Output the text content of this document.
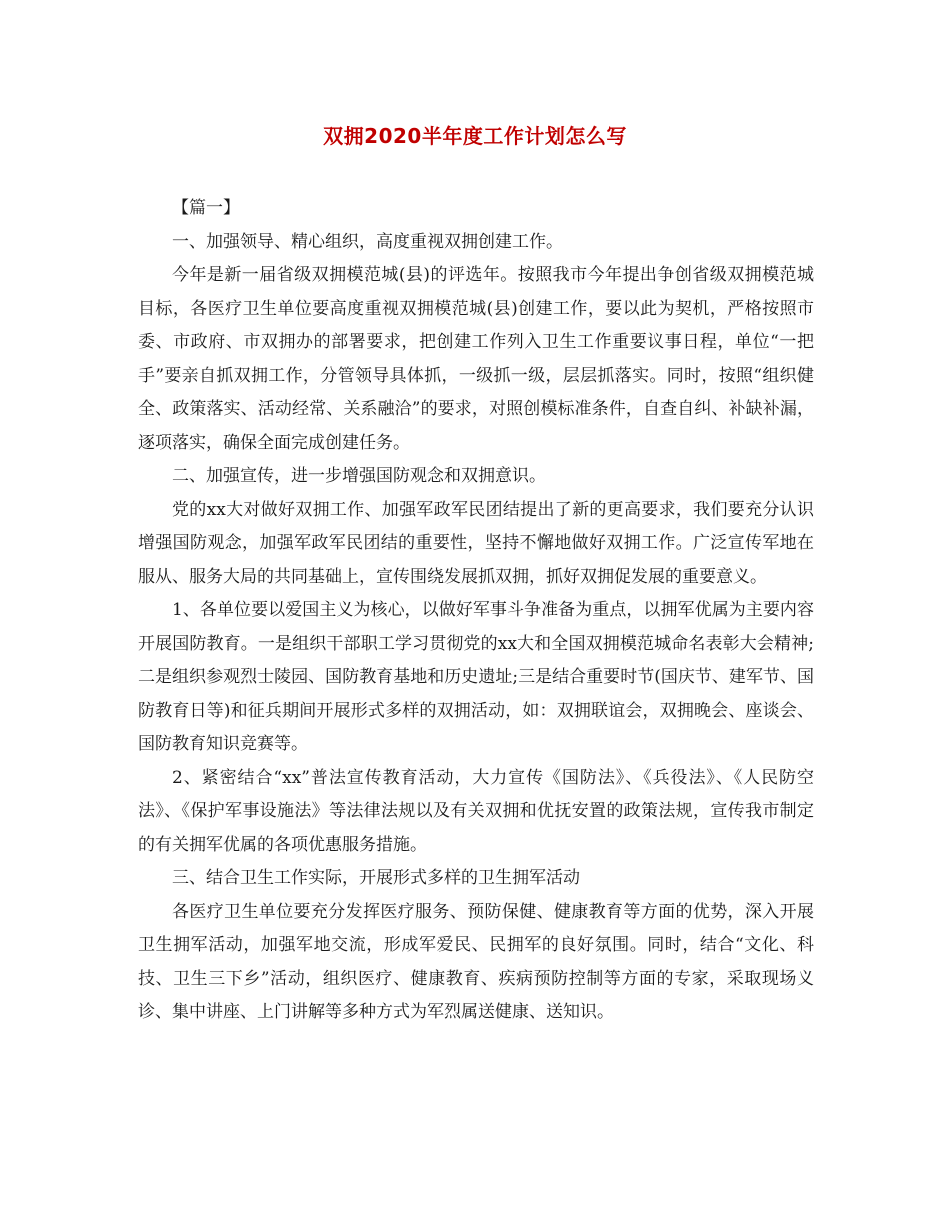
双拥2020半年度工作计划怎么写

【篇一】

一、加强领导、精心组织，高度重视双拥创建工作。

今年是新一届省级双拥模范城(县)的评选年。按照我市今年提出争创省级双拥模范城目标，各医疗卫生单位要高度重视双拥模范城(县)创建工作，要以此为契机，严格按照市委、市政府、市双拥办的部署要求，把创建工作列入卫生工作重要议事日程，单位“一把手”要亲自抓双拥工作，分管领导具体抓，一级抓一级，层层抓落实。同时，按照“组织健全、政策落实、活动经常、关系融洽”的要求，对照创模标准条件，自查自纠、补缺补漏，逐项落实，确保全面完成创建任务。

二、加强宣传，进一步增强国防观念和双拥意识。

党的xx大对做好双拥工作、加强军政军民团结提出了新的更高要求，我们要充分认识增强国防观念，加强军政军民团结的重要性，坚持不懈地做好双拥工作。广泛宣传军地在服从、服务大局的共同基础上，宣传围绕发展抓双拥，抓好双拥促发展的重要意义。

1、各单位要以爱国主义为核心，以做好军事斗争准备为重点，以拥军优属为主要内容开展国防教育。一是组织干部职工学习贯彻党的xx大和全国双拥模范城命名表彰大会精神;二是组织参观烈士陵园、国防教育基地和历史遗址;三是结合重要时节(国庆节、建军节、国防教育日等)和征兵期间开展形式多样的双拥活动，如：双拥联谊会，双拥晚会、座谈会、国防教育知识竞赛等。

2、紧密结合“xx”普法宣传教育活动，大力宣传《国防法》、《兵役法》、《人民防空法》、《保护军事设施法》等法律法规以及有关双拥和优抚安置的政策法规，宣传我市制定的有关拥军优属的各项优惠服务措施。

三、结合卫生工作实际，开展形式多样的卫生拥军活动

各医疗卫生单位要充分发挥医疗服务、预防保健、健康教育等方面的优势，深入开展卫生拥军活动，加强军地交流，形成军爱民、民拥军的良好氛围。同时，结合“文化、科技、卫生三下乡”活动，组织医疗、健康教育、疾病预防控制等方面的专家，采取现场义诊、集中讲座、上门讲解等多种方式为军烈属送健康、送知识。
